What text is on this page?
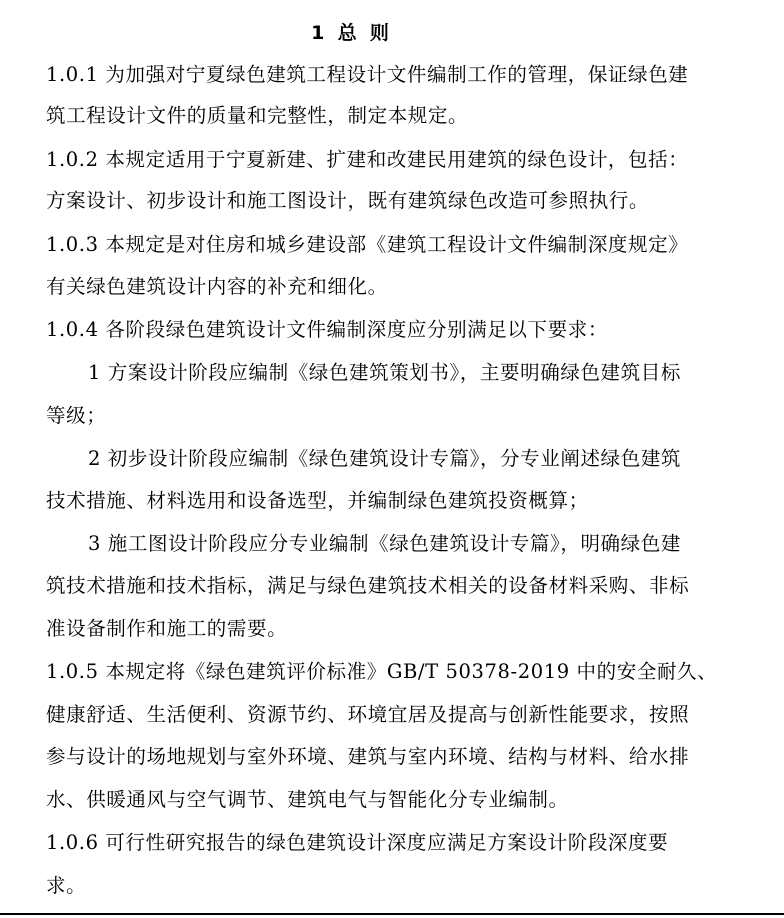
1  总  则
1.0.1 为加强对宁夏绿色建筑工程设计文件编制工作的管理，保证绿色建
筑工程设计文件的质量和完整性，制定本规定。
1.0.2 本规定适用于宁夏新建、扩建和改建民用建筑的绿色设计，包括：
方案设计、初步设计和施工图设计，既有建筑绿色改造可参照执行。
1.0.3 本规定是对住房和城乡建设部《建筑工程设计文件编制深度规定》
有关绿色建筑设计内容的补充和细化。
1.0.4 各阶段绿色建筑设计文件编制深度应分别满足以下要求：
1 方案设计阶段应编制《绿色建筑策划书》，主要明确绿色建筑目标
等级；
2 初步设计阶段应编制《绿色建筑设计专篇》，分专业阐述绿色建筑
技术措施、材料选用和设备选型，并编制绿色建筑投资概算；
3 施工图设计阶段应分专业编制《绿色建筑设计专篇》，明确绿色建
筑技术措施和技术指标，满足与绿色建筑技术相关的设备材料采购、非标
准设备制作和施工的需要。
1.0.5 本规定将《绿色建筑评价标准》GB/T 50378-2019 中的安全耐久、
健康舒适、生活便利、资源节约、环境宜居及提高与创新性能要求，按照
参与设计的场地规划与室外环境、建筑与室内环境、结构与材料、给水排
水、供暖通风与空气调节、建筑电气与智能化分专业编制。
1.0.6 可行性研究报告的绿色建筑设计深度应满足方案设计阶段深度要
求。
